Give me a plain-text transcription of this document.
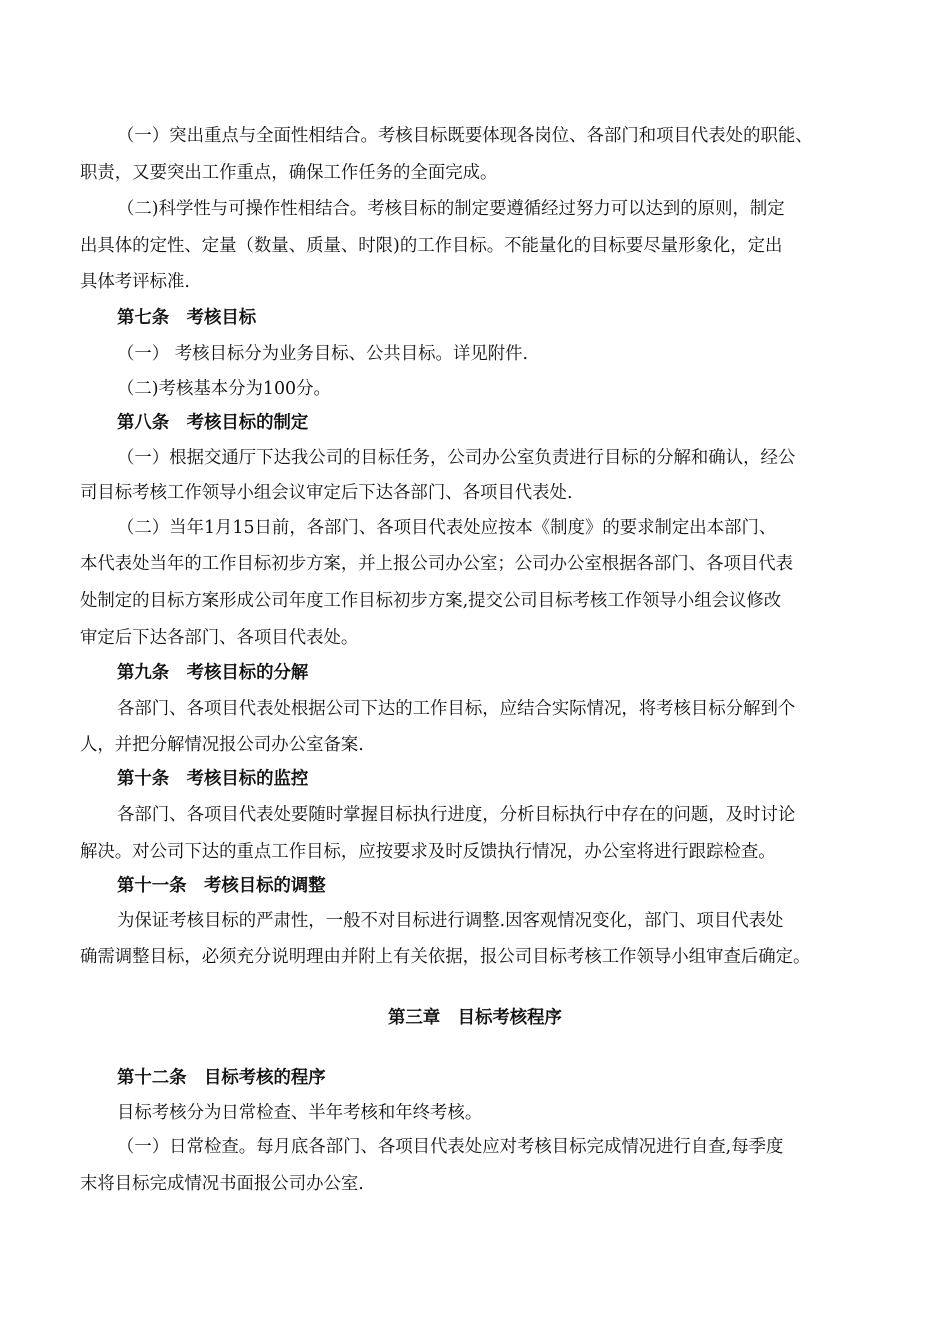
（一）突出重点与全面性相结合。考核目标既要体现各岗位、各部门和项目代表处的职能、
职责，又要突出工作重点，确保工作任务的全面完成。
（二)科学性与可操作性相结合。考核目标的制定要遵循经过努力可以达到的原则，制定
出具体的定性、定量（数量、质量、时限)的工作目标。不能量化的目标要尽量形象化，定出
具体考评标准.
第七条　考核目标
（一） 考核目标分为业务目标、公共目标。详见附件.
（二)考核基本分为100分。
第八条　考核目标的制定
（一）根据交通厅下达我公司的目标任务，公司办公室负责进行目标的分解和确认，经公
司目标考核工作领导小组会议审定后下达各部门、各项目代表处.
（二）当年1月15日前，各部门、各项目代表处应按本《制度》的要求制定出本部门、
本代表处当年的工作目标初步方案，并上报公司办公室；公司办公室根据各部门、各项目代表
处制定的目标方案形成公司年度工作目标初步方案,提交公司目标考核工作领导小组会议修改
审定后下达各部门、各项目代表处。
第九条　考核目标的分解
各部门、各项目代表处根据公司下达的工作目标，应结合实际情况，将考核目标分解到个
人，并把分解情况报公司办公室备案.
第十条　考核目标的监控
各部门、各项目代表处要随时掌握目标执行进度，分析目标执行中存在的问题，及时讨论
解决。对公司下达的重点工作目标，应按要求及时反馈执行情况，办公室将进行跟踪检查。
第十一条　考核目标的调整
为保证考核目标的严肃性，一般不对目标进行调整.因客观情况变化，部门、项目代表处
确需调整目标，必须充分说明理由并附上有关依据，报公司目标考核工作领导小组审查后确定。
第三章　目标考核程序
第十二条　目标考核的程序
目标考核分为日常检查、半年考核和年终考核。
（一）日常检查。每月底各部门、各项目代表处应对考核目标完成情况进行自查,每季度
末将目标完成情况书面报公司办公室.
